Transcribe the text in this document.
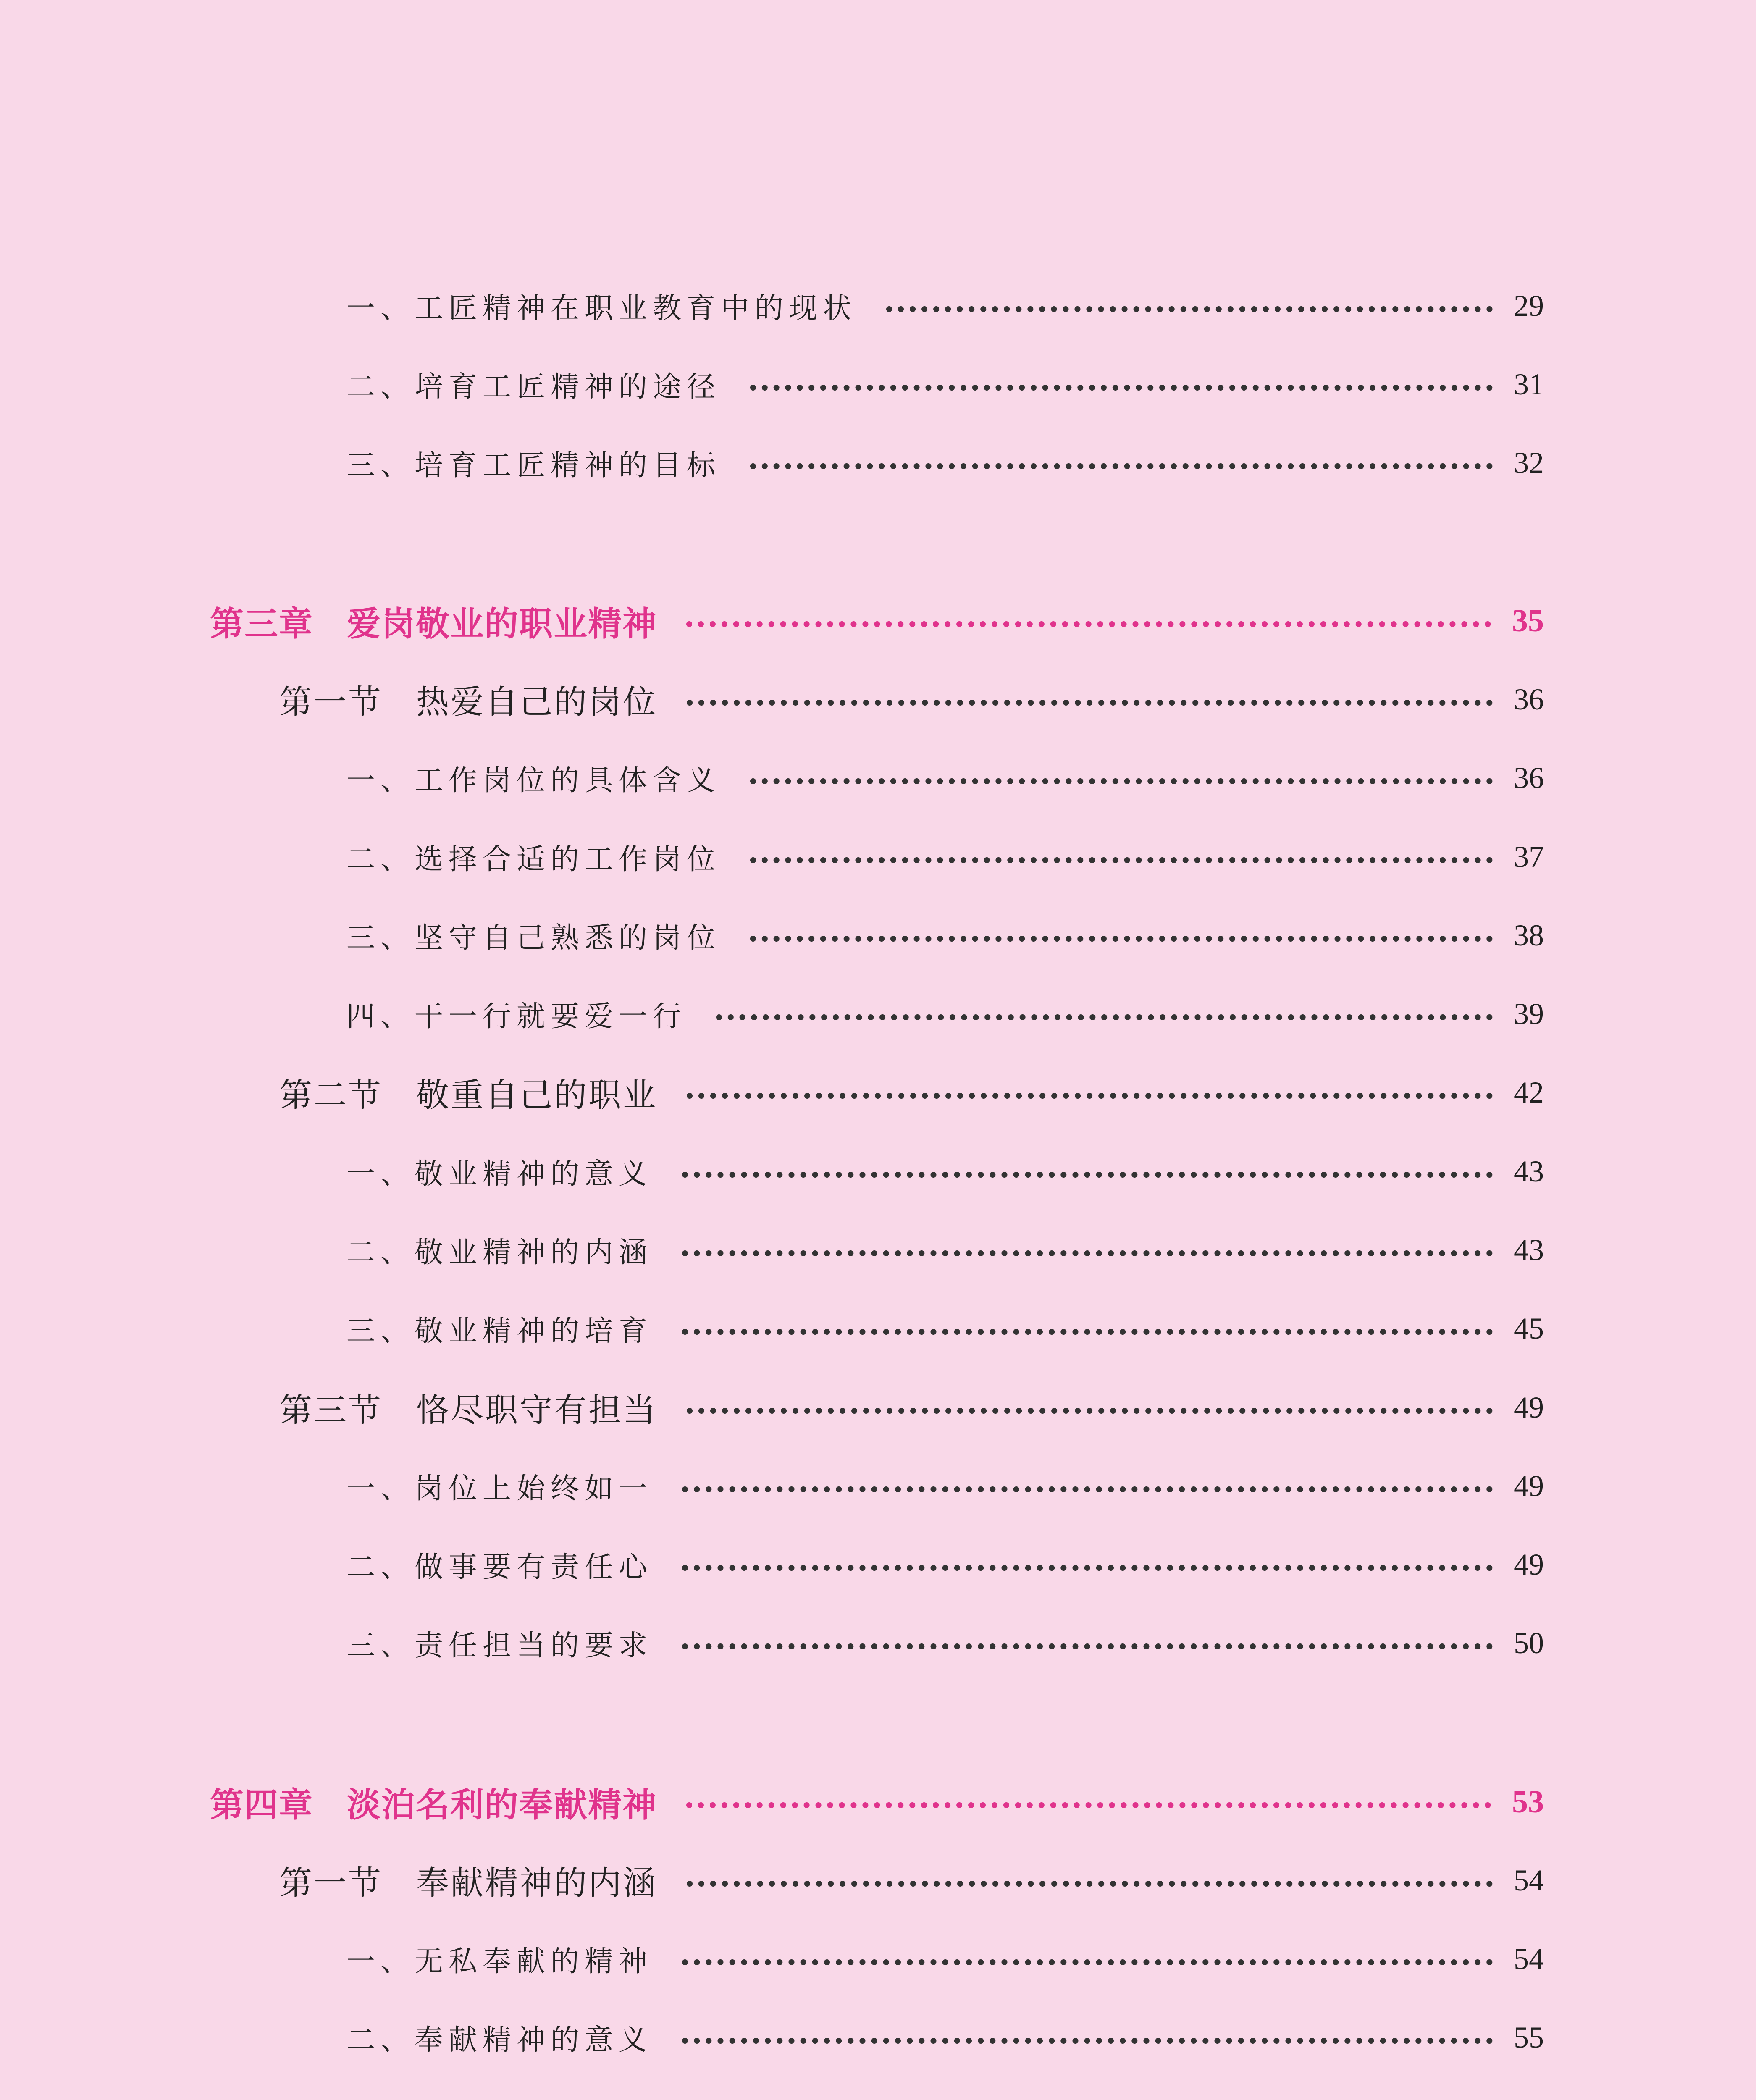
一、工匠精神在职业教育中的现状	29
二、培育工匠精神的途径	31
三、培育工匠精神的目标	32
第三章 爱岗敬业的职业精神	35
第一节 热爱自己的岗位	36
一、工作岗位的具体含义	36
二、选择合适的工作岗位	37
三、坚守自己熟悉的岗位	38
四、干一行就要爱一行	39
第二节 敬重自己的职业	42
一、敬业精神的意义	43
二、敬业精神的内涵	43
三、敬业精神的培育	45
第三节 恪尽职守有担当	49
一、岗位上始终如一	49
二、做事要有责任心	49
三、责任担当的要求	50
第四章 淡泊名利的奉献精神	53
第一节 奉献精神的内涵	54
一、无私奉献的精神	54
二、奉献精神的意义	55
